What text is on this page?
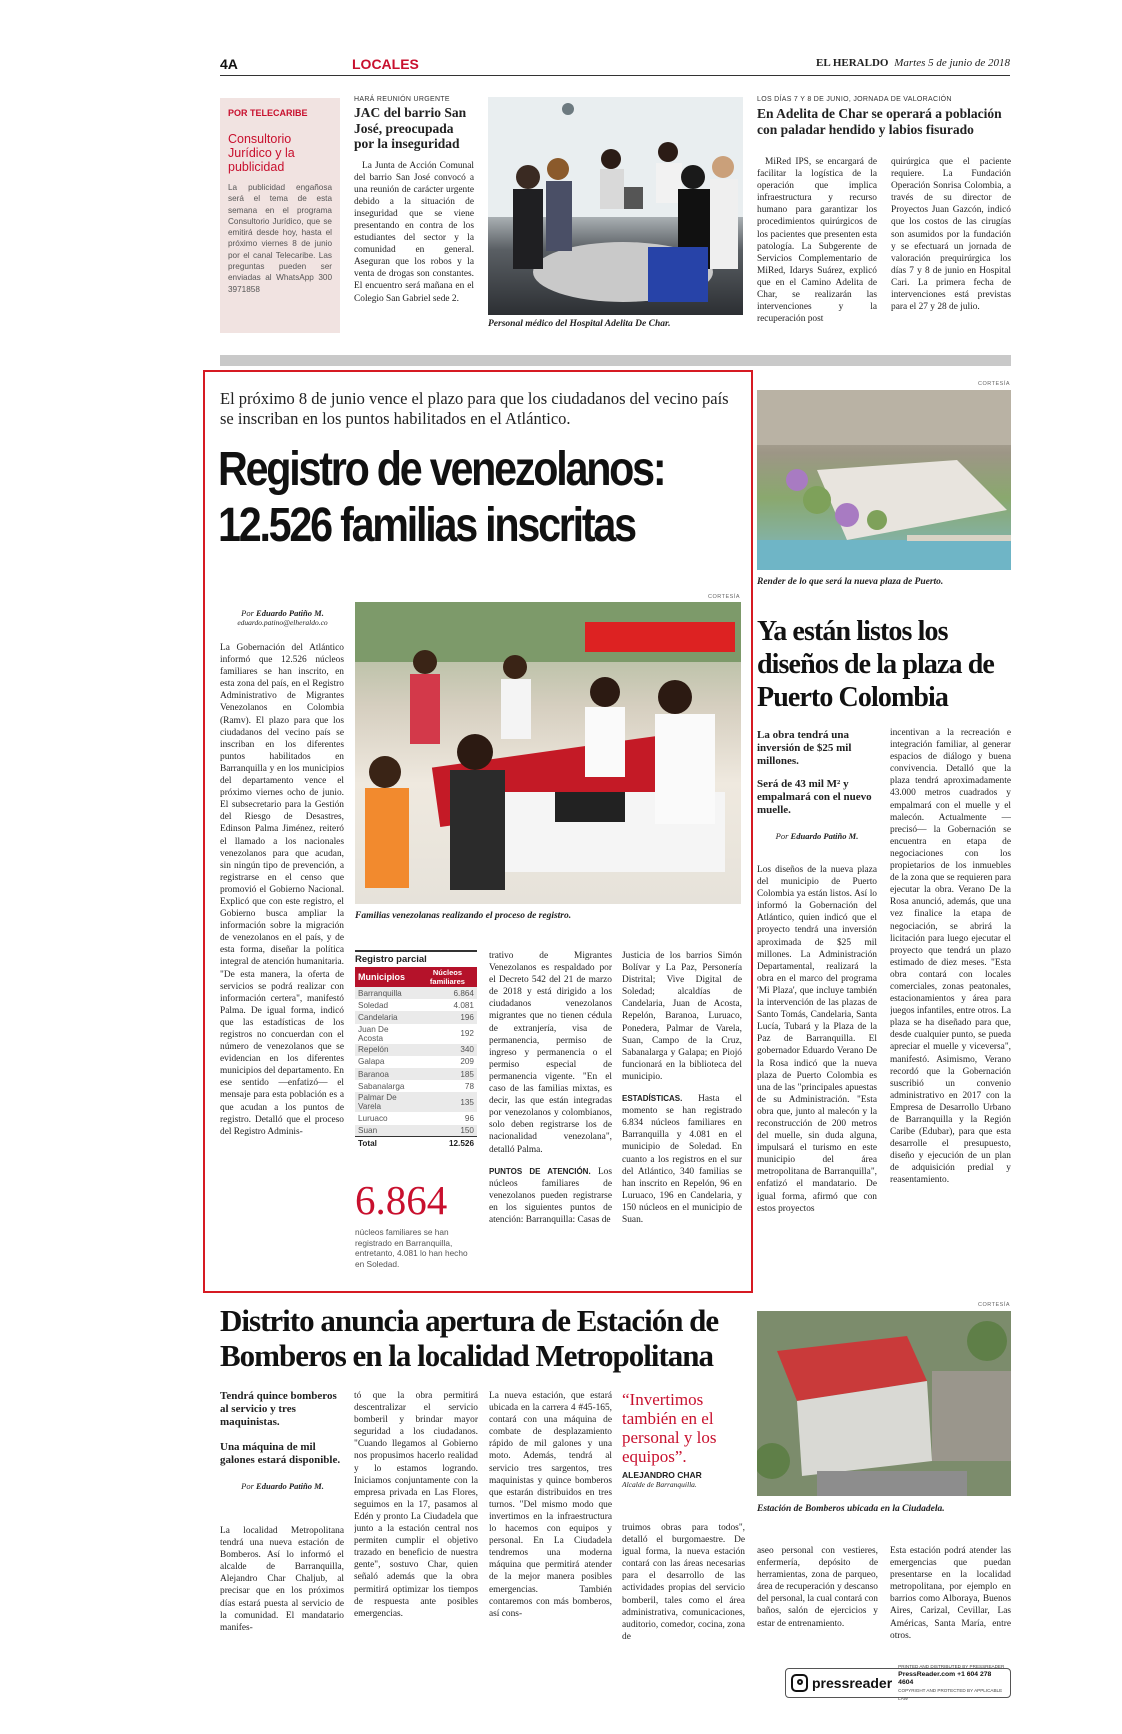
4A	LOCALES	EL HERALDO Martes 5 de junio de 2018
POR TELECARIBE
Consultorio Jurídico y la publicidad
La publicidad engañosa será el tema de esta semana en el programa Consultorio Jurídico, que se emitirá desde hoy, hasta el próximo viernes 8 de junio por el canal Telecaribe. Las preguntas pueden ser enviadas al WhatsApp 300 3971858
HARÁ REUNIÓN URGENTE
JAC del barrio San José, preocupada por la inseguridad

La Junta de Acción Comunal del barrio San José convocó a una reunión de carácter urgente debido a la situación de inseguridad que se viene presentando en contra de los estudiantes del sector y la comunidad en general. Aseguran que los robos y la venta de drogas son constantes. El encuentro será mañana en el Colegio San Gabriel sede 2.

Personal médico del Hospital Adelita De Char.
LOS DÍAS 7 Y 8 DE JUNIO, JORNADA DE VALORACIÓN
En Adelita de Char se operará a población con paladar hendido y labios fisurado

MiRed IPS, se encargará de facilitar la logística de la operación que implica infraestructura y recurso humano para garantizar los procedimientos quirúrgicos de los pacientes que presenten esta patología. La Subgerente de Servicios Complementario de MiRed, Idarys Suárez, explicó que en el Camino Adelita de Char, se realizarán las intervenciones y la recuperación post

quirúrgica que el paciente requiere. La Fundación Operación Sonrisa Colombia, a través de su director de Proyectos Juan Gazcón, indicó que los costos de las cirugías son asumidos por la fundación y se efectuará un jornada de valoración prequirúrgica los días 7 y 8 de junio en Hospital Cari. La primera fecha de intervenciones está previstas para el 27 y 28 de julio.

El próximo 8 de junio vence el plazo para que los ciudadanos del vecino país se inscriban en los puntos habilitados en el Atlántico.
Registro de venezolanos:
12.526 familias inscritas
Por Eduardo Patiño M.
eduardo.patino@elheraldo.co

La Gobernación del Atlántico informó que 12.526 núcleos familiares se han inscrito, en esta zona del país, en el Registro Administrativo de Migrantes Venezolanos en Colombia (Ramv). El plazo para que los ciudadanos del vecino país se inscriban en los diferentes puntos habilitados en Barranquilla y en los municipios del departamento vence el próximo viernes ocho de junio. El subsecretario para la Gestión del Riesgo de Desastres, Edinson Palma Jiménez, reiteró el llamado a los nacionales venezolanos para que acudan, sin ningún tipo de prevención, a registrarse en el censo que promovió el Gobierno Nacional. Explicó que con este registro, el Gobierno busca ampliar la información sobre la migración de venezolanos en el país, y de esta forma, diseñar la política integral de atención humanitaria. "De esta manera, la oferta de servicios se podrá realizar con información certera", manifestó Palma. De igual forma, indicó que las estadísticas de los registros no concuerdan con el número de venezolanos que se evidencian en los diferentes municipios del departamento. En ese sentido —enfatizó— el mensaje para esta población es a que acudan a los puntos de registro. Detalló que el proceso del Registro Adminis-

CORTESÍA
Familias venezolanas realizando el proceso de registro.
Registro parcial
Municipios	Núcleos familiares
Barranquilla	6.864
Soledad	4.081
Candelaria	196
Juan De Acosta	192
Repelón	340
Galapa	209
Baranoa	185
Sabanalarga	78
Palmar De Varela	135
Luruaco	96
Suan	150
Total	12.526
6.864
núcleos familiares se han registrado en Barranquilla, entretanto, 4.081 lo han hecho en Soledad.

trativo de Migrantes Venezolanos es respaldado por el Decreto 542 del 21 de marzo de 2018 y está dirigido a los ciudadanos venezolanos migrantes que no tienen cédula de extranjería, visa de permanencia, permiso de ingreso y permanencia o el permiso especial de permanencia vigente. "En el caso de las familias mixtas, es decir, las que están integradas por venezolanos y colombianos, solo deben registrarse los de nacionalidad venezolana", detalló Palma.

PUNTOS DE ATENCIÓN. Los núcleos familiares de venezolanos pueden registrarse en los siguientes puntos de atención: Barranquilla: Casas de

Justicia de los barrios Simón Bolívar y La Paz, Personería Distrital; Vive Digital de Soledad; alcaldías de Candelaria, Juan de Acosta, Repelón, Baranoa, Luruaco, Ponedera, Palmar de Varela, Suan, Campo de la Cruz, Sabanalarga y Galapa; en Piojó funcionará en la biblioteca del municipio.

ESTADÍSTICAS. Hasta el momento se han registrado 6.834 núcleos familiares en Barranquilla y 4.081 en el municipio de Soledad. En cuanto a los registros en el sur del Atlántico, 340 familias se han inscrito en Repelón, 96 en Luruaco, 196 en Candelaria, y 150 núcleos en el municipio de Suan.

CORTESÍA
Render de lo que será la nueva plaza de Puerto.
Ya están listos los diseños de la plaza de Puerto Colombia
La obra tendrá una inversión de $25 mil millones.
Será de 43 mil M² y empalmará con el nuevo muelle.
Por Eduardo Patiño M.

Los diseños de la nueva plaza del municipio de Puerto Colombia ya están listos. Así lo informó la Gobernación del Atlántico, quien indicó que el proyecto tendrá una inversión aproximada de $25 mil millones. La Administración Departamental, realizará la obra en el marco del programa 'Mi Plaza', que incluye también la intervención de las plazas de Santo Tomás, Candelaria, Santa Lucía, Tubará y la Plaza de la Paz de Barranquilla. El gobernador Eduardo Verano De la Rosa indicó que la nueva plaza de Puerto Colombia es una de las "principales apuestas de su Administración. "Esta obra que, junto al malecón y la reconstrucción de 200 metros del muelle, sin duda alguna, impulsará el turismo en este municipio del área metropolitana de Barranquilla", enfatizó el mandatario. De igual forma, afirmó que con estos proyectos

incentivan a la recreación e integración familiar, al generar espacios de diálogo y buena convivencia. Detalló que la plaza tendrá aproximadamente 43.000 metros cuadrados y empalmará con el muelle y el malecón. Actualmente —precisó— la Gobernación se encuentra en etapa de negociaciones con los propietarios de los inmuebles de la zona que se requieren para ejecutar la obra. Verano De la Rosa anunció, además, que una vez finalice la etapa de negociación, se abrirá la licitación para luego ejecutar el proyecto que tendrá un plazo estimado de diez meses. "Esta obra contará con locales comerciales, zonas peatonales, estacionamientos y área para juegos infantiles, entre otros. La plaza se ha diseñado para que, desde cualquier punto, se pueda apreciar el muelle y viceversa", manifestó. Asimismo, Verano recordó que la Gobernación suscribió un convenio administrativo en 2017 con la Empresa de Desarrollo Urbano de Barranquilla y la Región Caribe (Edubar), para que esta desarrolle el presupuesto, diseño y ejecución de un plan de adquisición predial y reasentamiento.

Distrito anuncia apertura de Estación de Bomberos en la localidad Metropolitana
Tendrá quince bomberos al servicio y tres maquinistas.
Una máquina de mil galones estará disponible.
Por Eduardo Patiño M.

La localidad Metropolitana tendrá una nueva estación de Bomberos. Así lo informó el alcalde de Barranquilla, Alejandro Char Chaljub, al precisar que en los próximos días estará puesta al servicio de la comunidad. El mandatario manifes-

tó que la obra permitirá descentralizar el servicio bomberil y brindar mayor seguridad a los ciudadanos. "Cuando llegamos al Gobierno nos propusimos hacerlo realidad y lo estamos logrando. Iniciamos conjuntamente con la empresa privada en Las Flores, seguimos en la 17, pasamos al Edén y pronto La Ciudadela que junto a la estación central nos permiten cumplir el objetivo trazado en beneficio de nuestra gente", sostuvo Char, quien señaló además que la obra permitirá optimizar los tiempos de respuesta ante posibles emergencias.

La nueva estación, que estará ubicada en la carrera 4 #45-165, contará con una máquina de combate de desplazamiento rápido de mil galones y una moto. Además, tendrá al servicio tres sargentos, tres maquinistas y quince bomberos que estarán distribuidos en tres turnos. "Del mismo modo que invertimos en la infraestructura lo hacemos con equipos y personal. En La Ciudadela tendremos una moderna máquina que permitirá atender de la mejor manera posibles emergencias. También contaremos con más bomberos, así cons-

“Invertimos también en el personal y los equipos”.
ALEJANDRO CHAR
Alcalde de Barranquilla.

truimos obras para todos", detalló el burgomaestre. De igual forma, la nueva estación contará con las áreas necesarias para el desarrollo de las actividades propias del servicio bomberil, tales como el área administrativa, comunicaciones, auditorio, comedor, cocina, zona de

CORTESÍA
Estación de Bomberos ubicada en la Ciudadela.

aseo personal con vestieres, enfermería, depósito de herramientas, zona de parqueo, área de recuperación y descanso del personal, la cual contará con baños, salón de ejercicios y estar de entrenamiento.

Esta estación podrá atender las emergencias que puedan presentarse en la localidad metropolitana, por ejemplo en barrios como Alboraya, Buenos Aires, Carizal, Cevillar, Las Américas, Santa María, entre otros.

pressreader
PRINTED AND DISTRIBUTED BY PRESSREADER
PressReader.com +1 604 278 4604
COPYRIGHT AND PROTECTED BY APPLICABLE LAW
